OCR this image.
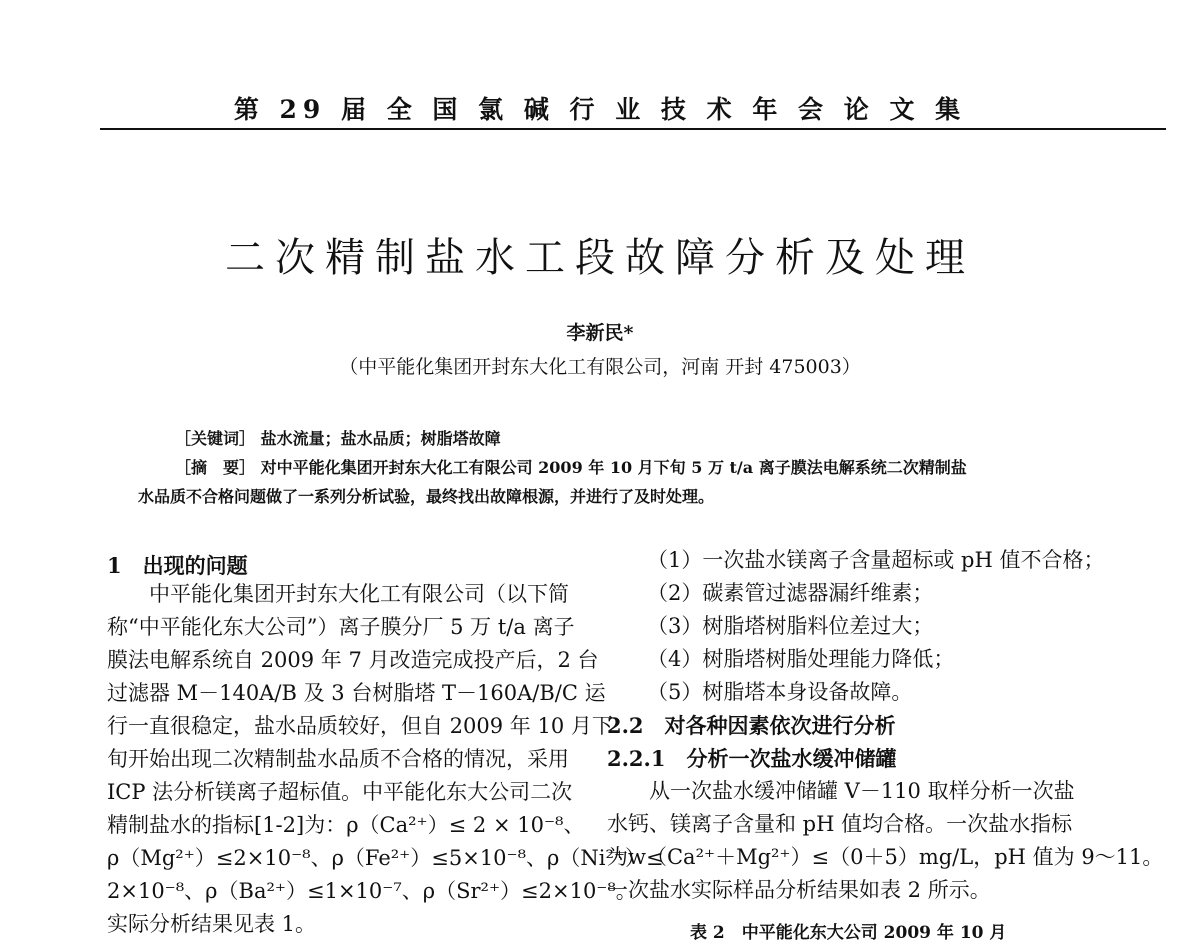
第 29 届 全 国 氯 碱 行 业 技 术 年 会 论 文 集
二次精制盐水工段故障分析及处理
李新民*
（中平能化集团开封东大化工有限公司，河南 开封 475003）
［关键词］ 盐水流量；盐水品质；树脂塔故障
［摘　要］ 对中平能化集团开封东大化工有限公司 2009 年 10 月下旬 5 万 t/a 离子膜法电解系统二次精制盐
水品质不合格问题做了一系列分析试验，最终找出故障根源，并进行了及时处理。
1　出现的问题
　　中平能化集团开封东大化工有限公司（以下简
称“中平能化东大公司”）离子膜分厂 5 万 t/a 离子
膜法电解系统自 2009 年 7 月改造完成投产后，2 台
过滤器 M－140A/B 及 3 台树脂塔 T－160A/B/C 运
行一直很稳定，盐水品质较好，但自 2009 年 10 月下
旬开始出现二次精制盐水品质不合格的情况，采用
ICP 法分析镁离子超标值。中平能化东大公司二次
精制盐水的指标[1-2]为：ρ（Ca²⁺）≤ 2 × 10⁻⁸、
ρ（Mg²⁺）≤2×10⁻⁸、ρ（Fe²⁺）≤5×10⁻⁸、ρ（Ni²⁺）≤
2×10⁻⁸、ρ（Ba²⁺）≤1×10⁻⁷、ρ（Sr²⁺）≤2×10⁻⁸。
实际分析结果见表 1。
（1）一次盐水镁离子含量超标或 pH 值不合格；
（2）碳素管过滤器漏纤维素；
（3）树脂塔树脂料位差过大；
（4）树脂塔树脂处理能力降低；
（5）树脂塔本身设备故障。
2.2　对各种因素依次进行分析
2.2.1　分析一次盐水缓冲储罐
　　从一次盐水缓冲储罐 V－110 取样分析一次盐
水钙、镁离子含量和 pH 值均合格。一次盐水指标
为w（Ca²⁺＋Mg²⁺）≤（0＋5）mg/L，pH 值为 9～11。
一次盐水实际样品分析结果如表 2 所示。
表 2　中平能化东大公司 2009 年 10 月
